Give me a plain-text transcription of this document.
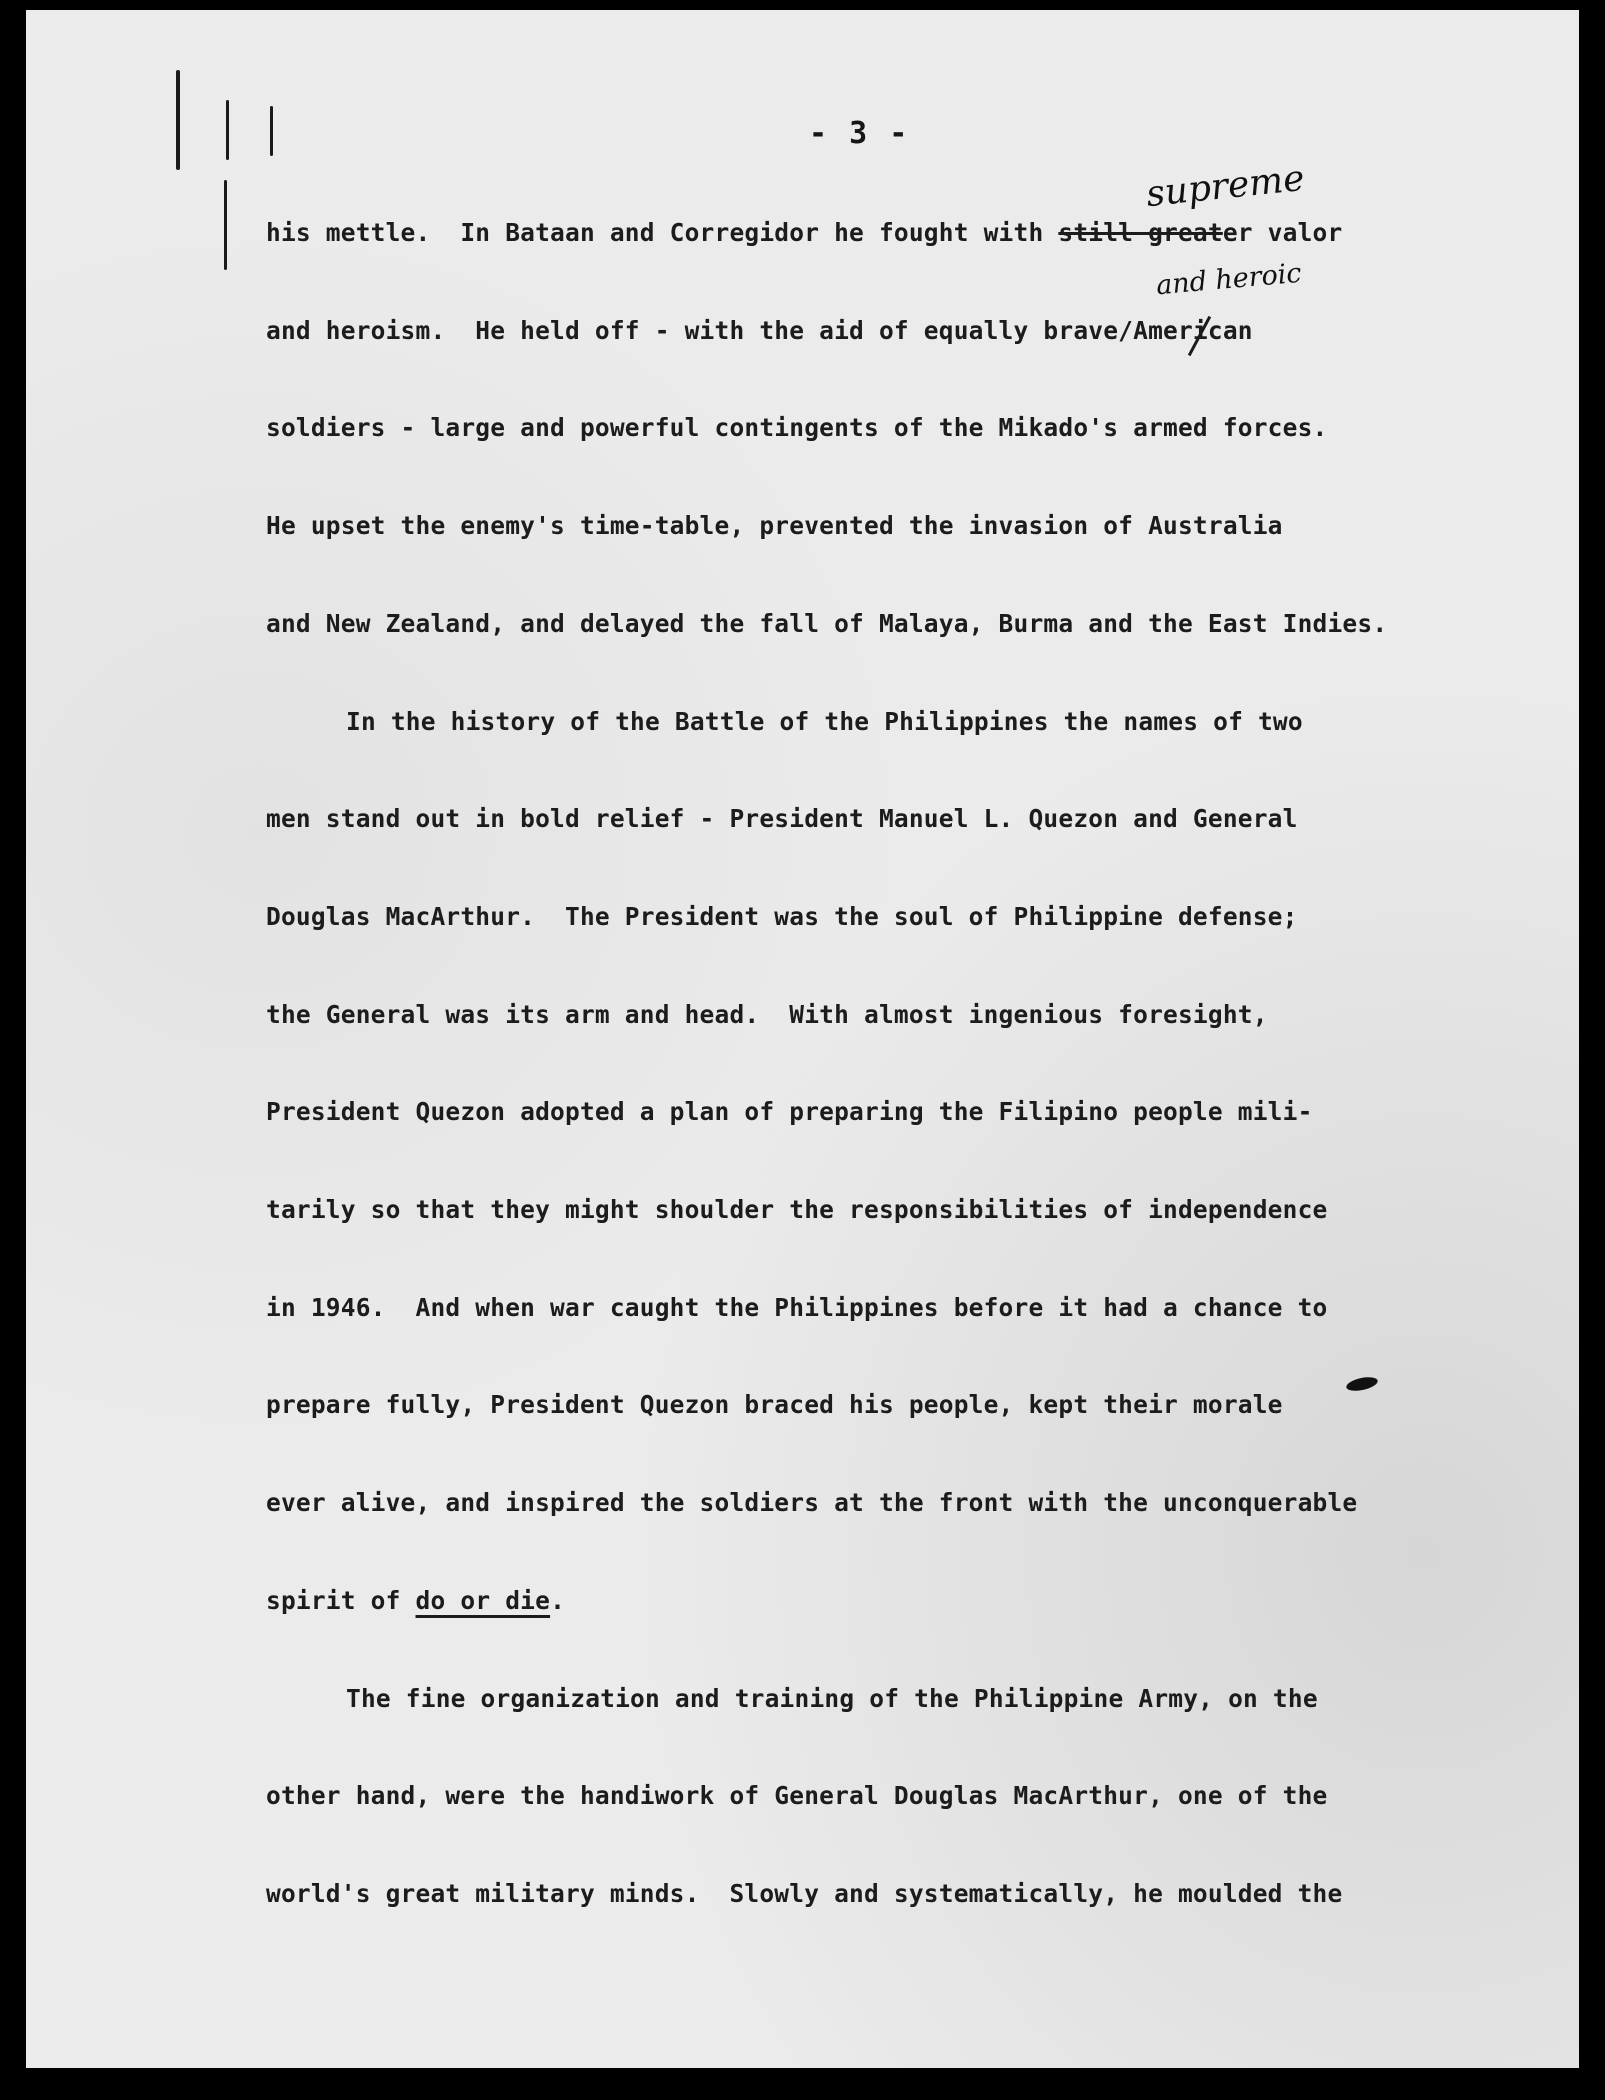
- 3 -
supreme
and heroic
his mettle.  In Bataan and Corregidor he fought with still greater valor
and heroism.  He held off - with the aid of equally brave/American
soldiers - large and powerful contingents of the Mikado's armed forces.
He upset the enemy's time-table, prevented the invasion of Australia
and New Zealand, and delayed the fall of Malaya, Burma and the East Indies.
In the history of the Battle of the Philippines the names of two
men stand out in bold relief - President Manuel L. Quezon and General
Douglas MacArthur.  The President was the soul of Philippine defense;
the General was its arm and head.  With almost ingenious foresight,
President Quezon adopted a plan of preparing the Filipino people mili-
tarily so that they might shoulder the responsibilities of independence
in 1946.  And when war caught the Philippines before it had a chance to
prepare fully, President Quezon braced his people, kept their morale
ever alive, and inspired the soldiers at the front with the unconquerable
spirit of do or die.
The fine organization and training of the Philippine Army, on the
other hand, were the handiwork of General Douglas MacArthur, one of the
world's great military minds.  Slowly and systematically, he moulded the
